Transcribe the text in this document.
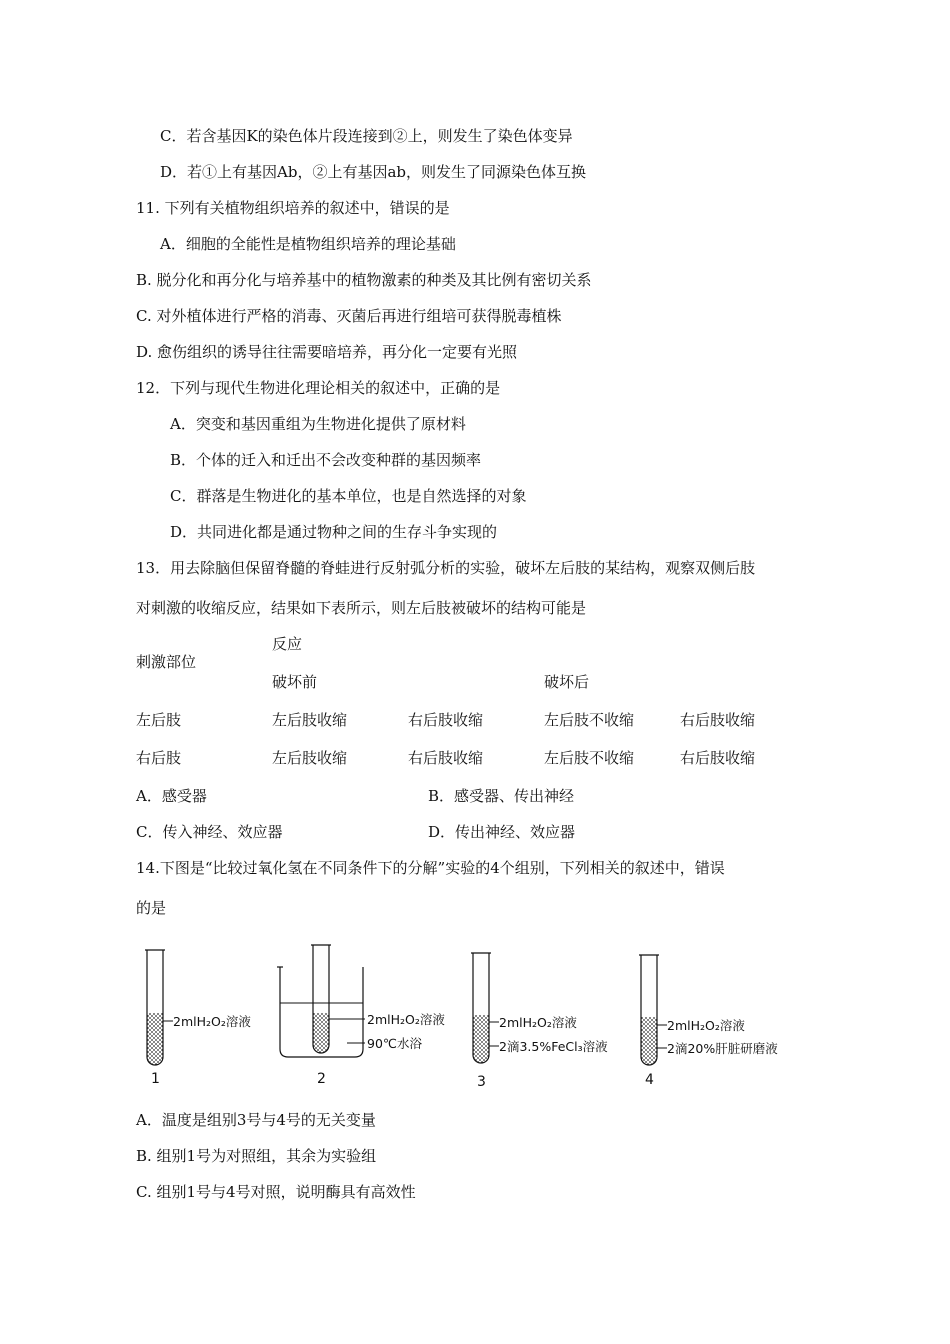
C．若含基因K的染色体片段连接到②上，则发生了染色体变异
D．若①上有基因Ab，②上有基因ab，则发生了同源染色体互换
11. 下列有关植物组织培养的叙述中，错误的是
A．细胞的全能性是植物组织培养的理论基础
B. 脱分化和再分化与培养基中的植物激素的种类及其比例有密切关系
C. 对外植体进行严格的消毒、灭菌后再进行组培可获得脱毒植株
D. 愈伤组织的诱导往往需要暗培养，再分化一定要有光照
12．下列与现代生物进化理论相关的叙述中，正确的是
A．突变和基因重组为生物进化提供了原材料
B．个体的迁入和迁出不会改变种群的基因频率
C．群落是生物进化的基本单位，也是自然选择的对象
D．共同进化都是通过物种之间的生存斗争实现的
13．用去除脑但保留脊髓的脊蛙进行反射弧分析的实验，破坏左后肢的某结构，观察双侧后肢
对刺激的收缩反应，结果如下表所示，则左后肢被破坏的结构可能是
反应
刺激部位
破坏前	破坏后
左后肢	左后肢收缩	右后肢收缩	左后肢不收缩	右后肢收缩
右后肢	左后肢收缩	右后肢收缩	左后肢不收缩	右后肢收缩
A．感受器	B．感受器、传出神经
C．传入神经、效应器	D．传出神经、效应器
14.下图是“比较过氧化氢在不同条件下的分解”实验的4个组别，下列相关的叙述中，错误
的是
2mlH₂O₂溶液
1
2mlH₂O₂溶液
90℃水浴
2
2mlH₂O₂溶液
2滴3.5%FeCl₃溶液
3
2mlH₂O₂溶液
2滴20%肝脏研磨液
4
A．温度是组别3号与4号的无关变量
B. 组别1号为对照组，其余为实验组
C. 组别1号与4号对照，说明酶具有高效性
